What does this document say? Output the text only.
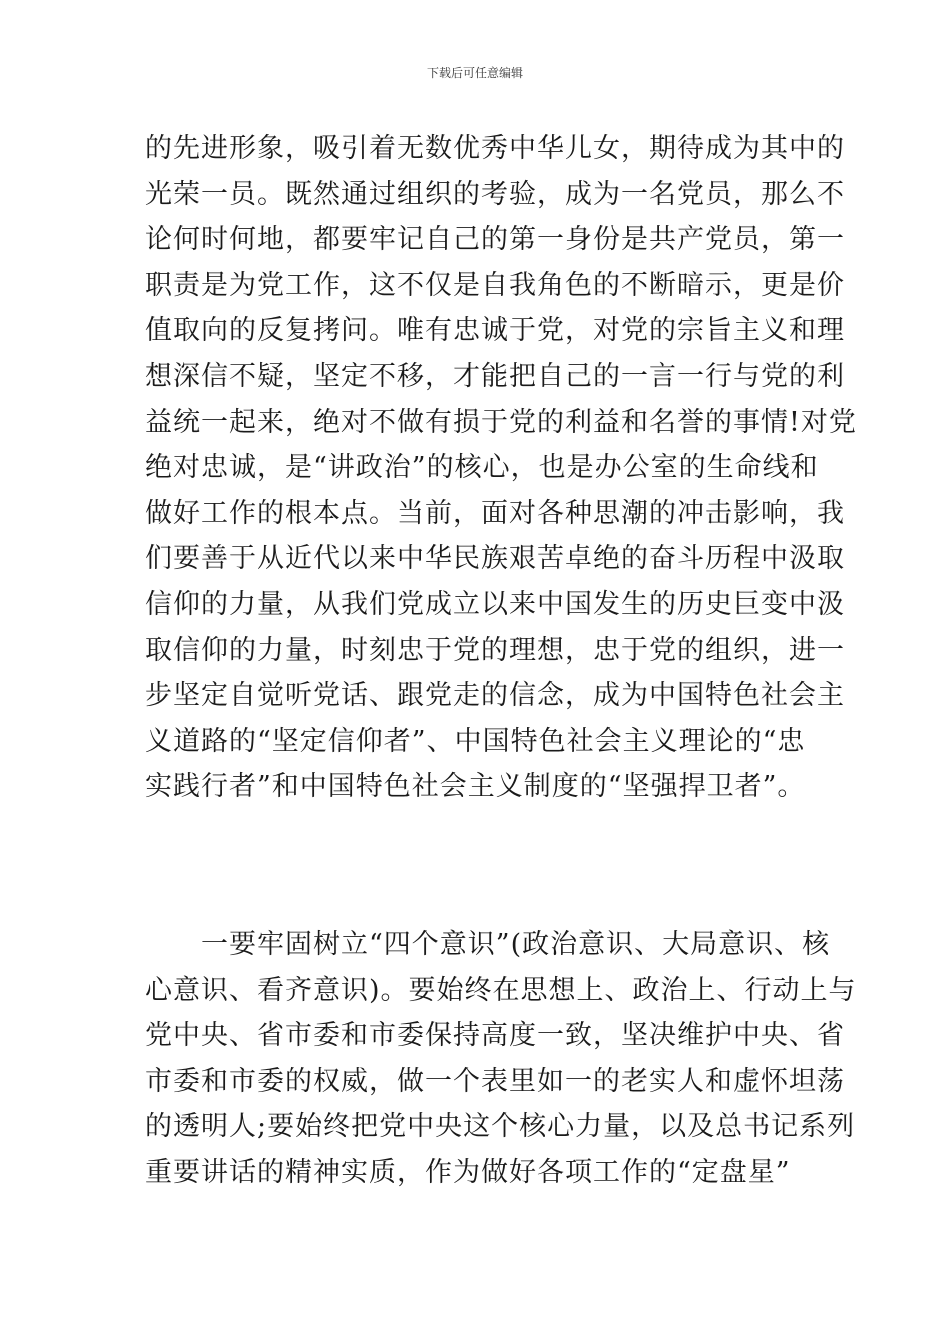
下载后可任意编辑
的先进形象，吸引着无数优秀中华儿女，期待成为其中的
光荣一员。既然通过组织的考验，成为一名党员，那么不
论何时何地，都要牢记自己的第一身份是共产党员，第一
职责是为党工作，这不仅是自我角色的不断暗示，更是价
值取向的反复拷问。唯有忠诚于党，对党的宗旨主义和理
想深信不疑，坚定不移，才能把自己的一言一行与党的利
益统一起来，绝对不做有损于党的利益和名誉的事情!对党
绝对忠诚，是“讲政治”的核心，也是办公室的生命线和
做好工作的根本点。当前，面对各种思潮的冲击影响，我
们要善于从近代以来中华民族艰苦卓绝的奋斗历程中汲取
信仰的力量，从我们党成立以来中国发生的历史巨变中汲
取信仰的力量，时刻忠于党的理想，忠于党的组织，进一
步坚定自觉听党话、跟党走的信念，成为中国特色社会主
义道路的“坚定信仰者”、中国特色社会主义理论的“忠
实践行者”和中国特色社会主义制度的“坚强捍卫者”。
一要牢固树立“四个意识”(政治意识、大局意识、核
心意识、看齐意识)。要始终在思想上、政治上、行动上与
党中央、省市委和市委保持高度一致，坚决维护中央、省
市委和市委的权威，做一个表里如一的老实人和虚怀坦荡
的透明人;要始终把党中央这个核心力量，以及总书记系列
重要讲话的精神实质，作为做好各项工作的“定盘星”
